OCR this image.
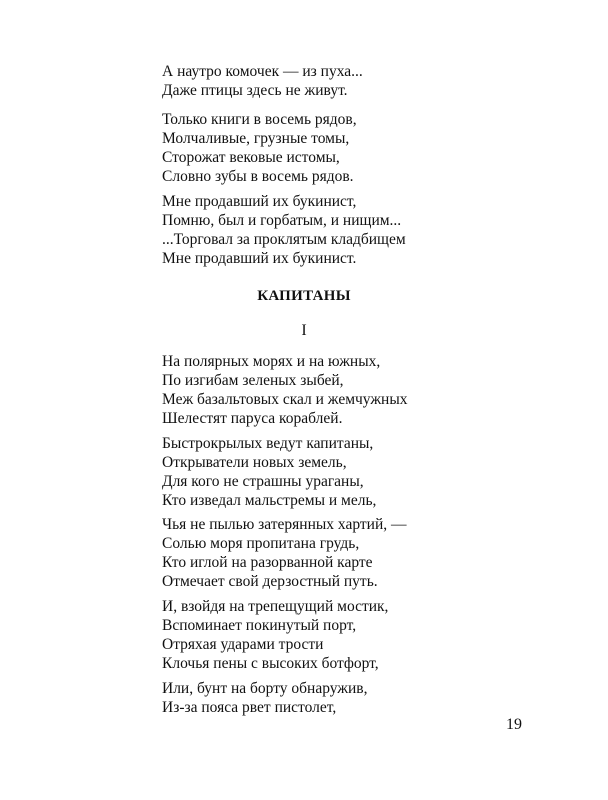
А наутро комочек — из пуха...
Даже птицы здесь не живут.
Только книги в восемь рядов,
Молчаливые, грузные томы,
Сторожат вековые истомы,
Словно зубы в восемь рядов.
Мне продавший их букинист,
Помню, был и горбатым, и нищим...
...Торговал за проклятым кладбищем
Мне продавший их букинист.
КАПИТАНЫ
I
На полярных морях и на южных,
По изгибам зеленых зыбей,
Меж базальтовых скал и жемчужных
Шелестят паруса кораблей.
Быстрокрылых ведут капитаны,
Открыватели новых земель,
Для кого не страшны ураганы,
Кто изведал мальстремы и мель,
Чья не пылью затерянных хартий, —
Солью моря пропитана грудь,
Кто иглой на разорванной карте
Отмечает свой дерзостный путь.
И, взойдя на трепещущий мостик,
Вспоминает покинутый порт,
Отряхая ударами трости
Клочья пены с высоких ботфорт,
Или, бунт на борту обнаружив,
Из-за пояса рвет пистолет,
19
